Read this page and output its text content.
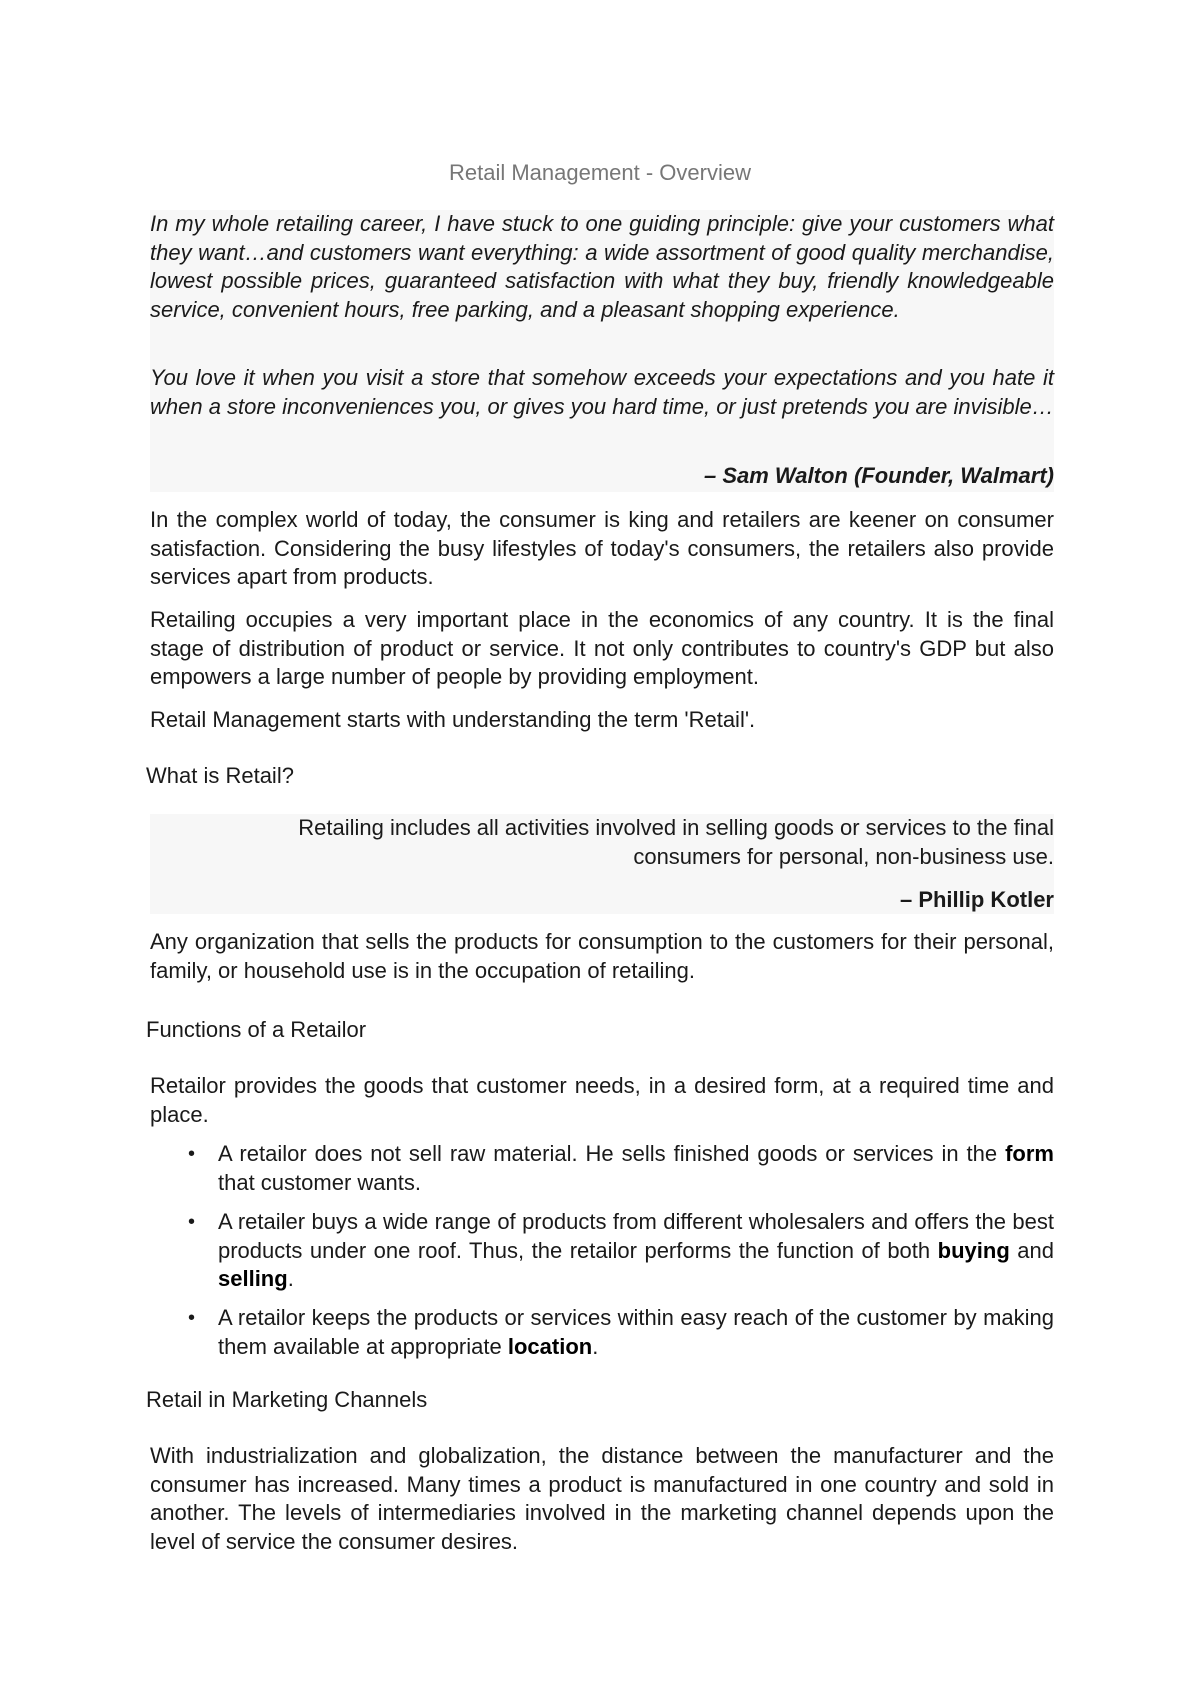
Retail Management - Overview

In my whole retailing career, I have stuck to one guiding principle: give your customers what they want…and customers want everything: a wide assortment of good quality merchandise, lowest possible prices, guaranteed satisfaction with what they buy, friendly knowledgeable service, convenient hours, free parking, and a pleasant shopping experience.

You love it when you visit a store that somehow exceeds your expectations and you hate it when a store inconveniences you, or gives you hard time, or just pretends you are invisible…

– Sam Walton (Founder, Walmart)

In the complex world of today, the consumer is king and retailers are keener on consumer satisfaction. Considering the busy lifestyles of today's consumers, the retailers also provide services apart from products.

Retailing occupies a very important place in the economics of any country. It is the final stage of distribution of product or service. It not only contributes to country's GDP but also empowers a large number of people by providing employment.

Retail Management starts with understanding the term 'Retail'.

What is Retail?

Retailing includes all activities involved in selling goods or services to the final consumers for personal, non-business use.

– Phillip Kotler

Any organization that sells the products for consumption to the customers for their personal, family, or household use is in the occupation of retailing.

Functions of a Retailor

Retailor provides the goods that customer needs, in a desired form, at a required time and place.

• A retailor does not sell raw material. He sells finished goods or services in the form that customer wants.

• A retailer buys a wide range of products from different wholesalers and offers the best products under one roof. Thus, the retailor performs the function of both buying and selling.

• A retailor keeps the products or services within easy reach of the customer by making them available at appropriate location.

Retail in Marketing Channels

With industrialization and globalization, the distance between the manufacturer and the consumer has increased. Many times a product is manufactured in one country and sold in another. The levels of intermediaries involved in the marketing channel depends upon the level of service the consumer desires.
